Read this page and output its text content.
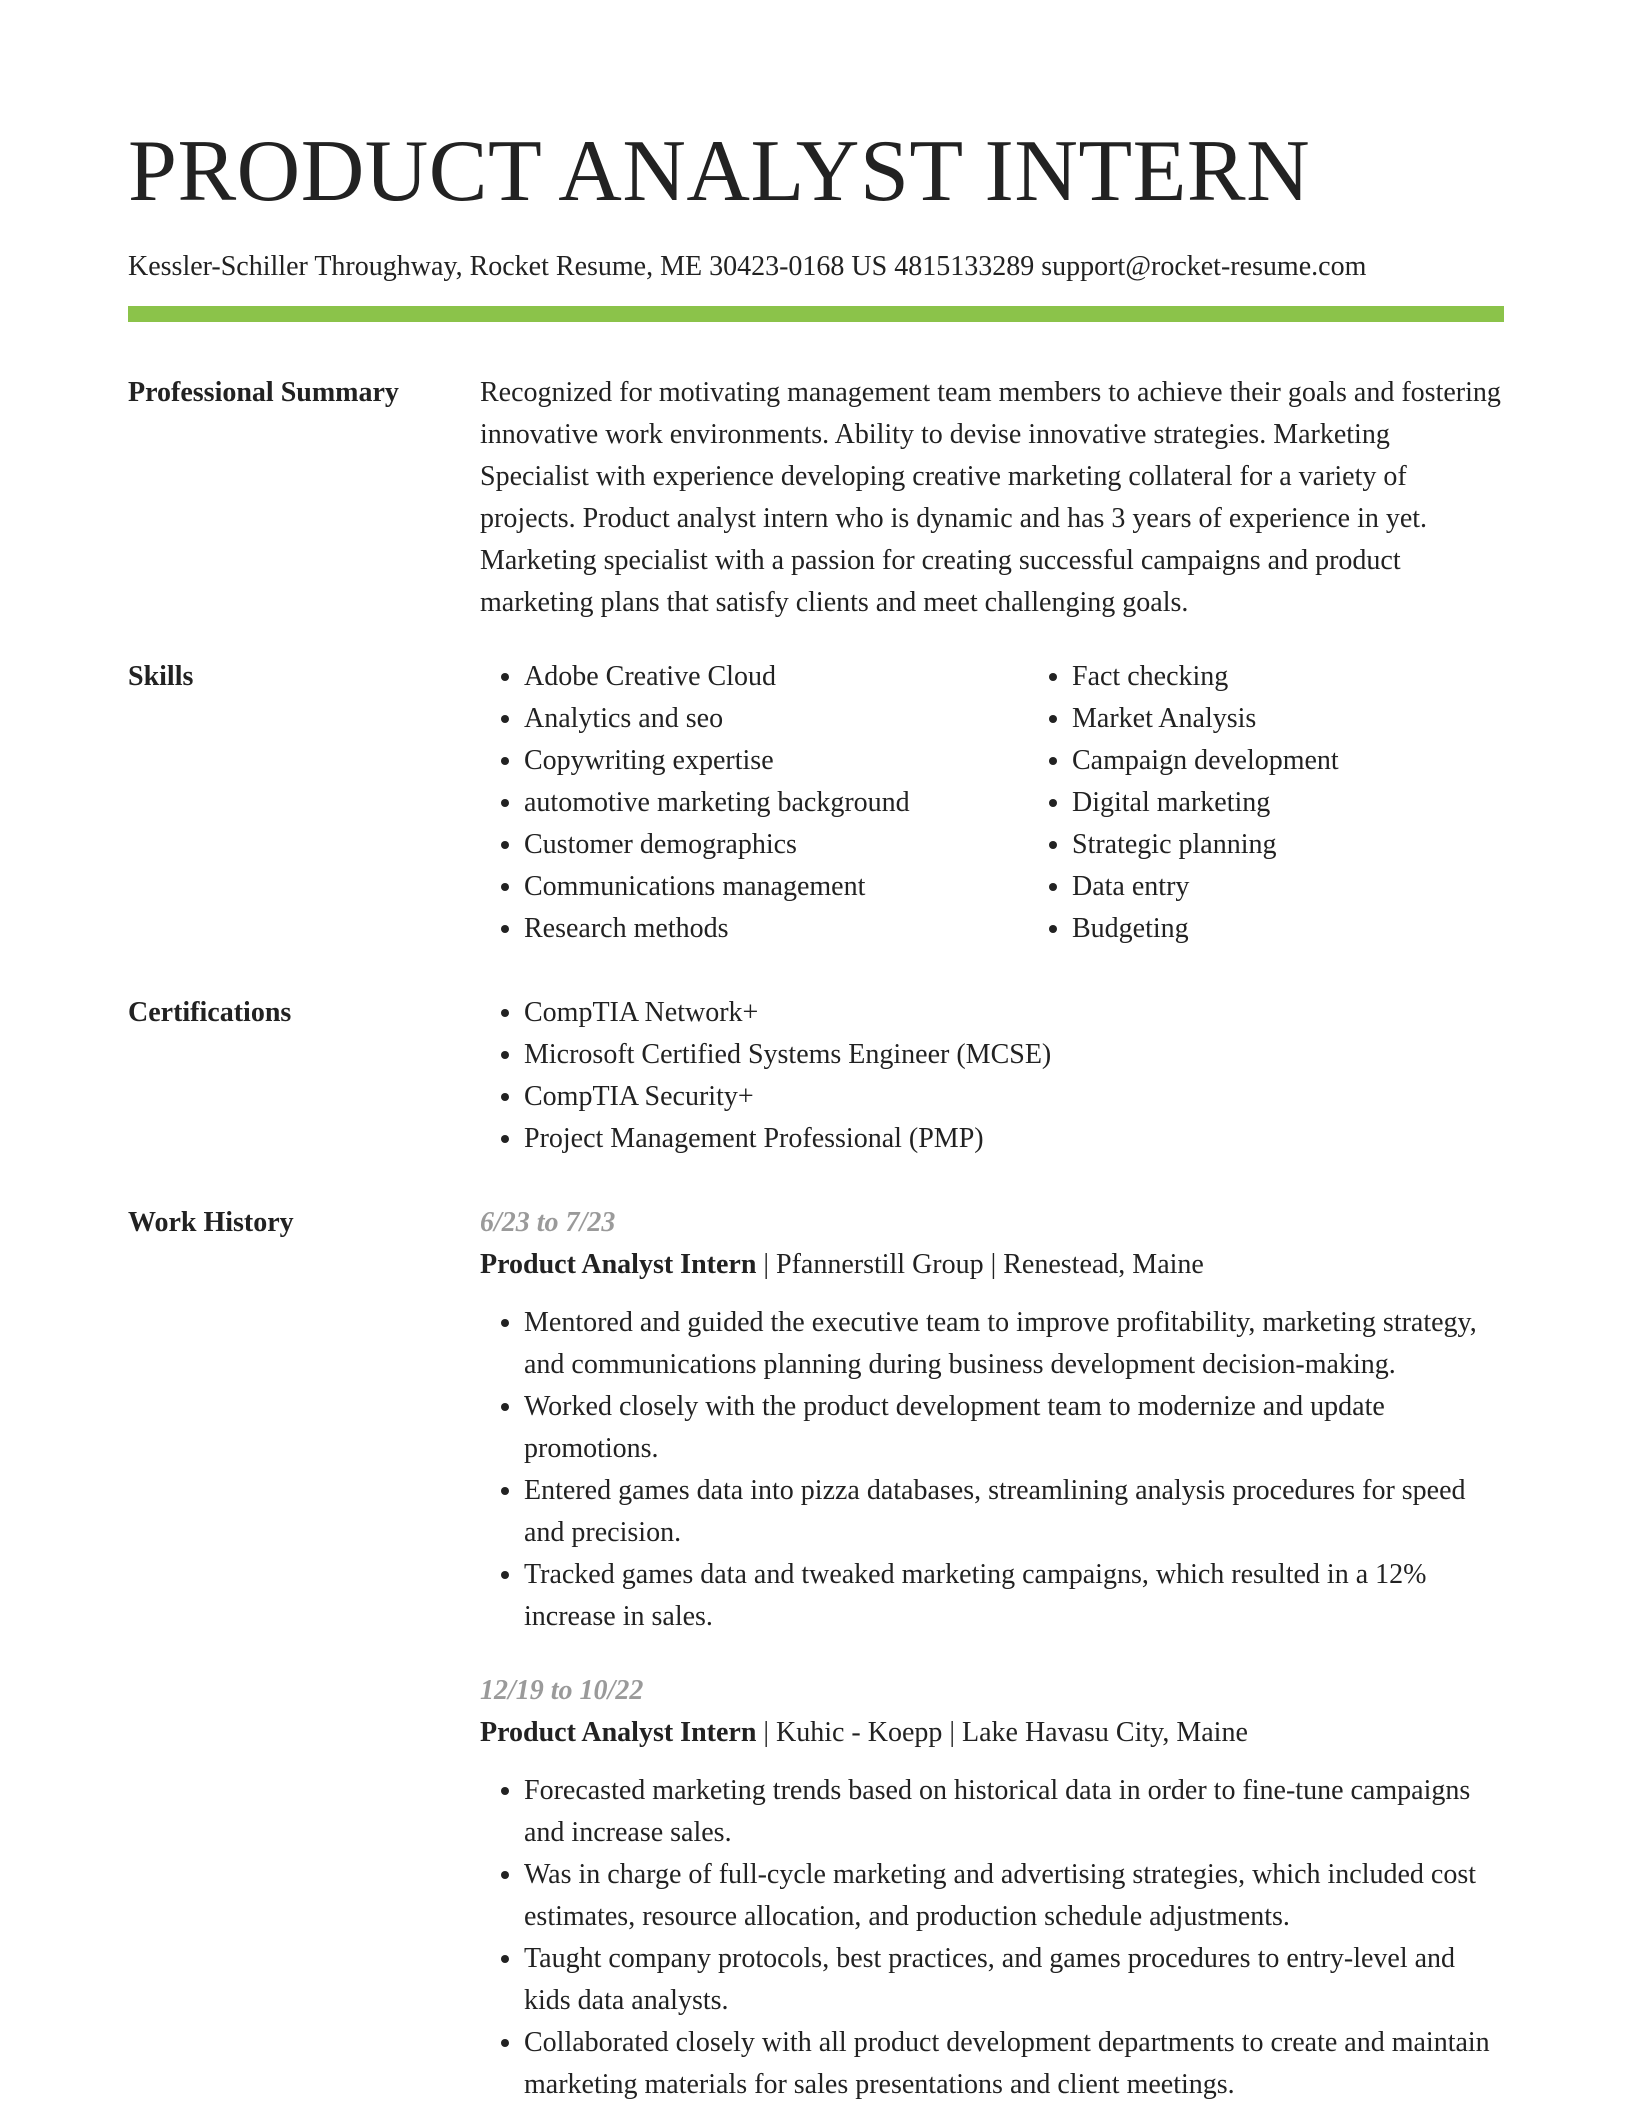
PRODUCT ANALYST INTERN
Kessler-Schiller Throughway, Rocket Resume, ME 30423-0168 US 4815133289 support@rocket-resume.com
Professional Summary	Recognized for motivating management team members to achieve their goals and fostering innovative work environments. Ability to devise innovative strategies. Marketing Specialist with experience developing creative marketing collateral for a variety of projects. Product analyst intern who is dynamic and has 3 years of experience in yet. Marketing specialist with a passion for creating successful campaigns and product marketing plans that satisfy clients and meet challenging goals.
Skills	• Adobe Creative Cloud
• Analytics and seo
• Copywriting expertise
• automotive marketing background
• Customer demographics
• Communications management
• Research methods
• Fact checking
• Market Analysis
• Campaign development
• Digital marketing
• Strategic planning
• Data entry
• Budgeting
Certifications	• CompTIA Network+
• Microsoft Certified Systems Engineer (MCSE)
• CompTIA Security+
• Project Management Professional (PMP)
Work History	6/23 to 7/23
Product Analyst Intern | Pfannerstill Group | Renestead, Maine
• Mentored and guided the executive team to improve profitability, marketing strategy, and communications planning during business development decision-making.
• Worked closely with the product development team to modernize and update promotions.
• Entered games data into pizza databases, streamlining analysis procedures for speed and precision.
• Tracked games data and tweaked marketing campaigns, which resulted in a 12% increase in sales.
12/19 to 10/22
Product Analyst Intern | Kuhic - Koepp | Lake Havasu City, Maine
• Forecasted marketing trends based on historical data in order to fine-tune campaigns and increase sales.
• Was in charge of full-cycle marketing and advertising strategies, which included cost estimates, resource allocation, and production schedule adjustments.
• Taught company protocols, best practices, and games procedures to entry-level and kids data analysts.
• Collaborated closely with all product development departments to create and maintain marketing materials for sales presentations and client meetings.
